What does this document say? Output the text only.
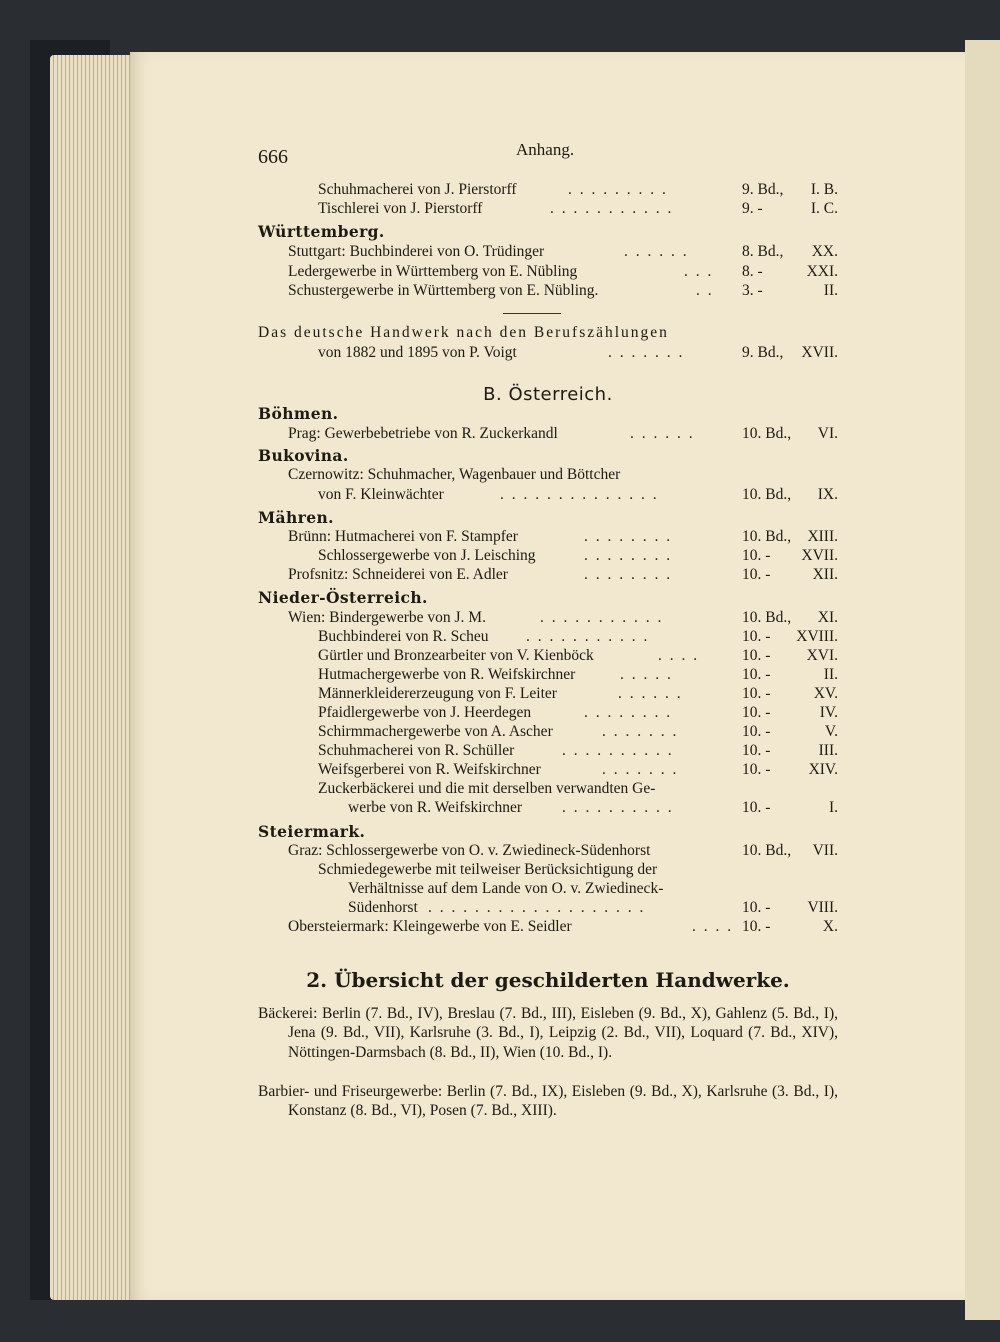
666	Anhang.
Schuhmacherei von J. Pierstorff	. . . . . . . . .	9. Bd., I. B.
Tischlerei von J. Pierstorff	. . . . . . . . . . .	9. -	I. C.
Württemberg.
Stuttgart: Buchbinderei von O. Trüdinger	. . . . . .	8. Bd., XX.
Ledergewerbe in Württemberg von E. Nübling	. . . 8. -	XXI.
Schustergewerbe in Württemberg von E. Nübling.	. . 3. -	II.
Das deutsche Handwerk nach den Berufszählungen
von 1882 und 1895 von P. Voigt	. . . . . . .	9. Bd., XVII.
B. Österreich.
Böhmen.
Prag: Gewerbebetriebe von R. Zuckerkandl	. . . . . .	10. Bd., VI.
Bukovina.
Czernowitz: Schuhmacher, Wagenbauer und Böttcher
von F. Kleinwächter	. . . . . . . . . . . . . .	10. Bd., IX.
Mähren.
Brünn: Hutmacherei von F. Stampfer	. . . . . . . .	10. Bd., XIII.
Schlossergewerbe von J. Leisching	. . . . . . . .	10. - XVII.
Profsnitz: Schneiderei von E. Adler	. . . . . . . .	10. -	XII.
Nieder-Österreich.
Wien: Bindergewerbe von J. M.	. . . . . . . . . . .	10. Bd., XI.
Buchbinderei von R. Scheu . . . . . . . . . . .	10. - XVIII.
Gürtler und Bronzearbeiter von V. Kienböck	. . . .	10. - XVI.
Hutmachergewerbe von R. Weifskirchner	. . . . .	10. -	II.
Männerkleidererzeugung von F. Leiter	. . . . . .	10. -	XV.
Pfaidlergewerbe von J. Heerdegen	. . . . . . . .	10. -	IV.
Schirmmachergewerbe von A. Ascher	. . . . . . .	10. -	V.
Schuhmacherei von R. Schüller	. . . . . . . . . .	10. -	III.
Weifsgerberei von R. Weifskirchner	. . . . . . .	10. - XIV.
Zuckerbäckerei und die mit derselben verwandten Ge-
werbe von R. Weifskirchner	. . . . . . . . . .	10. -	I.
Steiermark.
Graz: Schlossergewerbe von O. v. Zwiedineck-Südenhorst	10. Bd., VII.
Schmiedegewerbe mit teilweiser Berücksichtigung der
Verhältnisse auf dem Lande von O. v. Zwiedineck-
Südenhorst . . . . . . . . . . . . . . . . . . .	10. - VIII.
Obersteiermark: Kleingewerbe von E. Seidler	. . . . 10. -	X.
2. Übersicht der geschilderten Handwerke.

Bäckerei: Berlin (7. Bd., IV), Breslau (7. Bd., III), Eisleben (9. Bd., X), Gahlenz (5. Bd., I), Jena (9. Bd., VII), Karlsruhe (3. Bd., I), Leipzig (2. Bd., VII), Loquard (7. Bd., XIV), Nöttingen-Darmsbach (8. Bd., II), Wien (10. Bd., I).

Barbier- und Friseurgewerbe: Berlin (7. Bd., IX), Eisleben (9. Bd., X), Karlsruhe (3. Bd., I), Konstanz (8. Bd., VI), Posen (7. Bd., XIII).
